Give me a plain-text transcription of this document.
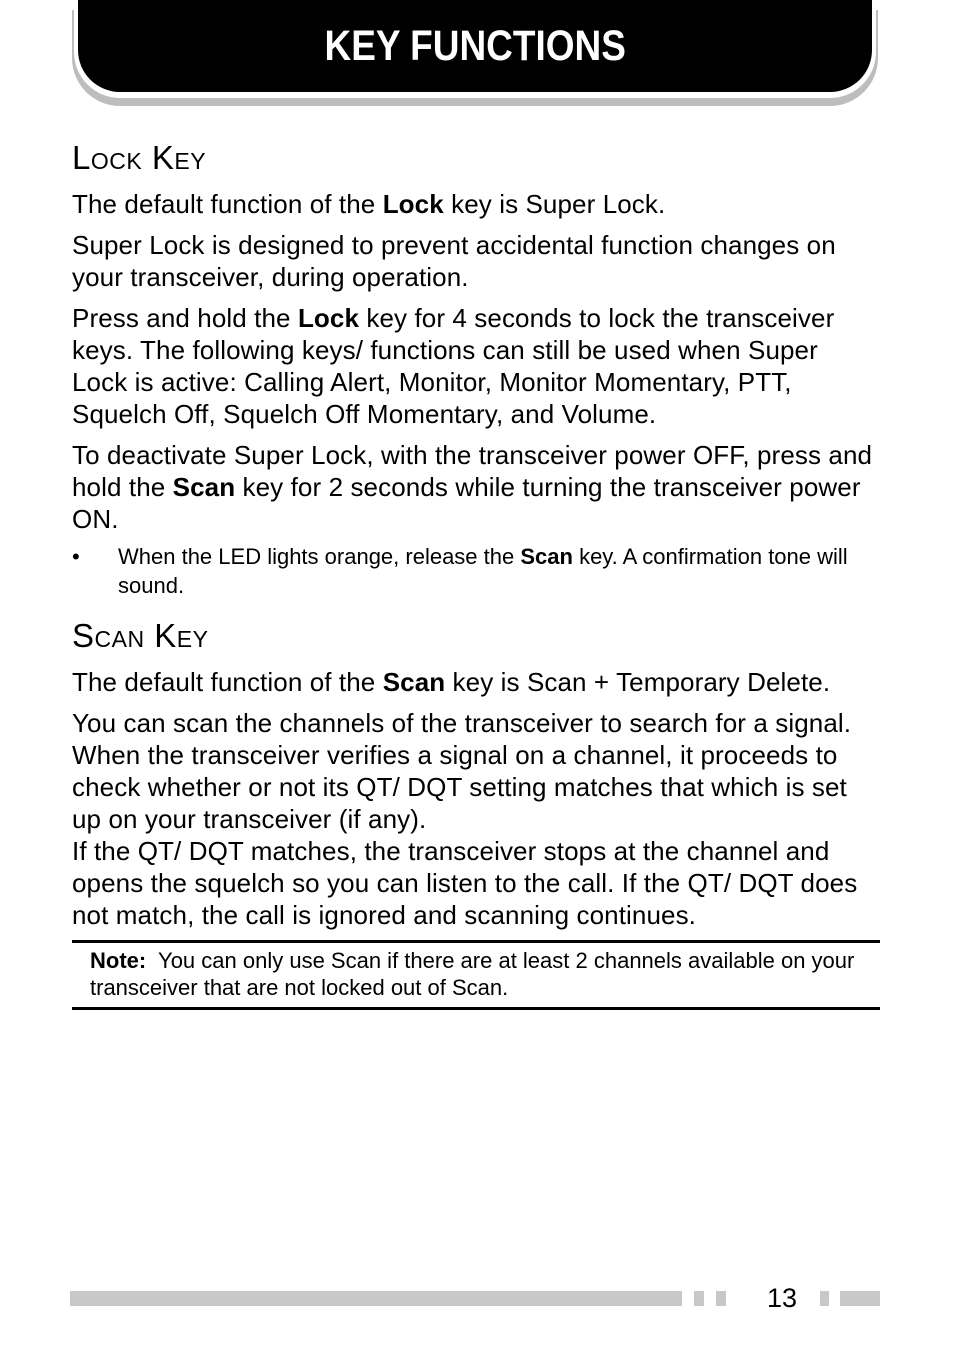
KEY FUNCTIONS
Lock Key

The default function of the Lock key is Super Lock.

Super Lock is designed to prevent accidental function changes on your transceiver, during operation.

Press and hold the Lock key for 4 seconds to lock the transceiver keys. The following keys/ functions can still be used when Super Lock is active: Calling Alert, Monitor, Monitor Momentary, PTT, Squelch Off, Squelch Off Momentary, and Volume.

To deactivate Super Lock, with the transceiver power OFF, press and hold the Scan key for 2 seconds while turning the transceiver power ON.

• When the LED lights orange, release the Scan key. A confirmation tone will sound.
Scan Key

The default function of the Scan key is Scan + Temporary Delete.

You can scan the channels of the transceiver to search for a signal. When the transceiver verifies a signal on a channel, it proceeds to check whether or not its QT/ DQT setting matches that which is set up on your transceiver (if any).
If the QT/ DQT matches, the transceiver stops at the channel and opens the squelch so you can listen to the call. If the QT/ DQT does not match, the call is ignored and scanning continues.

Note:  You can only use Scan if there are at least 2 channels available on your transceiver that are not locked out of Scan.
13
